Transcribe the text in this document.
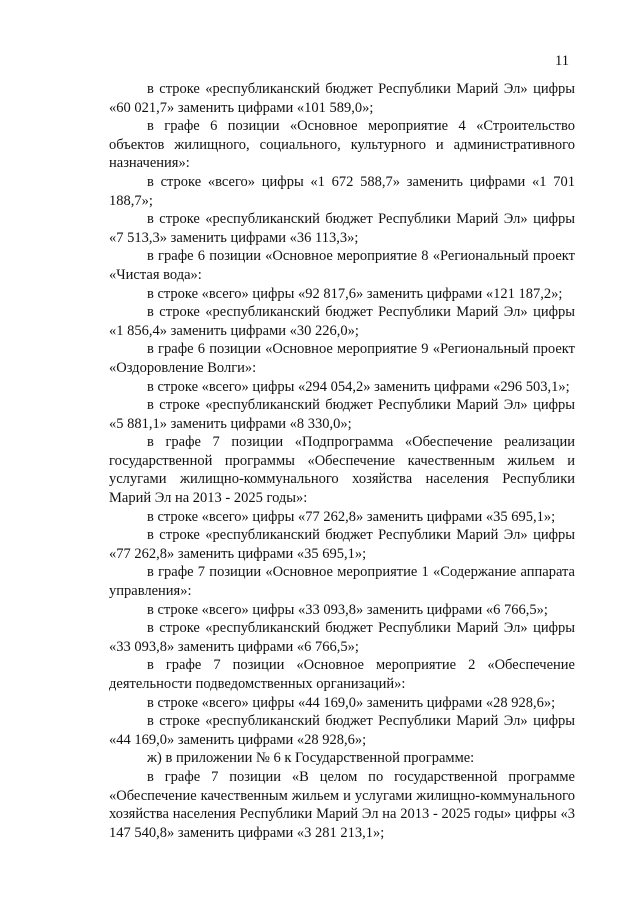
11

в строке «республиканский бюджет Республики Марий Эл» цифры «60 021,7» заменить цифрами «101 589,0»;

в графе 6 позиции «Основное мероприятие 4 «Строительство объектов жилищного, социального, культурного и административного назначения»:

в строке «всего» цифры «1 672 588,7» заменить цифрами «1 701 188,7»;

в строке «республиканский бюджет Республики Марий Эл» цифры «7 513,3» заменить цифрами «36 113,3»;

в графе 6 позиции «Основное мероприятие 8 «Региональный проект «Чистая вода»:

в строке «всего» цифры «92 817,6» заменить цифрами «121 187,2»;

в строке «республиканский бюджет Республики Марий Эл» цифры «1 856,4» заменить цифрами «30 226,0»;

в графе 6 позиции «Основное мероприятие 9 «Региональный проект «Оздоровление Волги»:

в строке «всего» цифры «294 054,2» заменить цифрами «296 503,1»;

в строке «республиканский бюджет Республики Марий Эл» цифры «5 881,1» заменить цифрами «8 330,0»;

в графе 7 позиции «Подпрограмма «Обеспечение реализации государственной программы «Обеспечение качественным жильем и услугами жилищно-коммунального хозяйства населения Республики Марий Эл на 2013 - 2025 годы»:

в строке «всего» цифры «77 262,8» заменить цифрами «35 695,1»;

в строке «республиканский бюджет Республики Марий Эл» цифры «77 262,8» заменить цифрами «35 695,1»;

в графе 7 позиции «Основное мероприятие 1 «Содержание аппарата управления»:

в строке «всего» цифры «33 093,8» заменить цифрами «6 766,5»;

в строке «республиканский бюджет Республики Марий Эл» цифры «33 093,8» заменить цифрами «6 766,5»;

в графе 7 позиции «Основное мероприятие 2 «Обеспечение деятельности подведомственных организаций»:

в строке «всего» цифры «44 169,0» заменить цифрами «28 928,6»;

в строке «республиканский бюджет Республики Марий Эл» цифры «44 169,0» заменить цифрами «28 928,6»;

ж) в приложении № 6 к Государственной программе:

в графе 7 позиции «В целом по государственной программе «Обеспечение качественным жильем и услугами жилищно-коммунального хозяйства населения Республики Марий Эл на 2013 - 2025 годы» цифры «3 147 540,8» заменить цифрами «3 281 213,1»;
